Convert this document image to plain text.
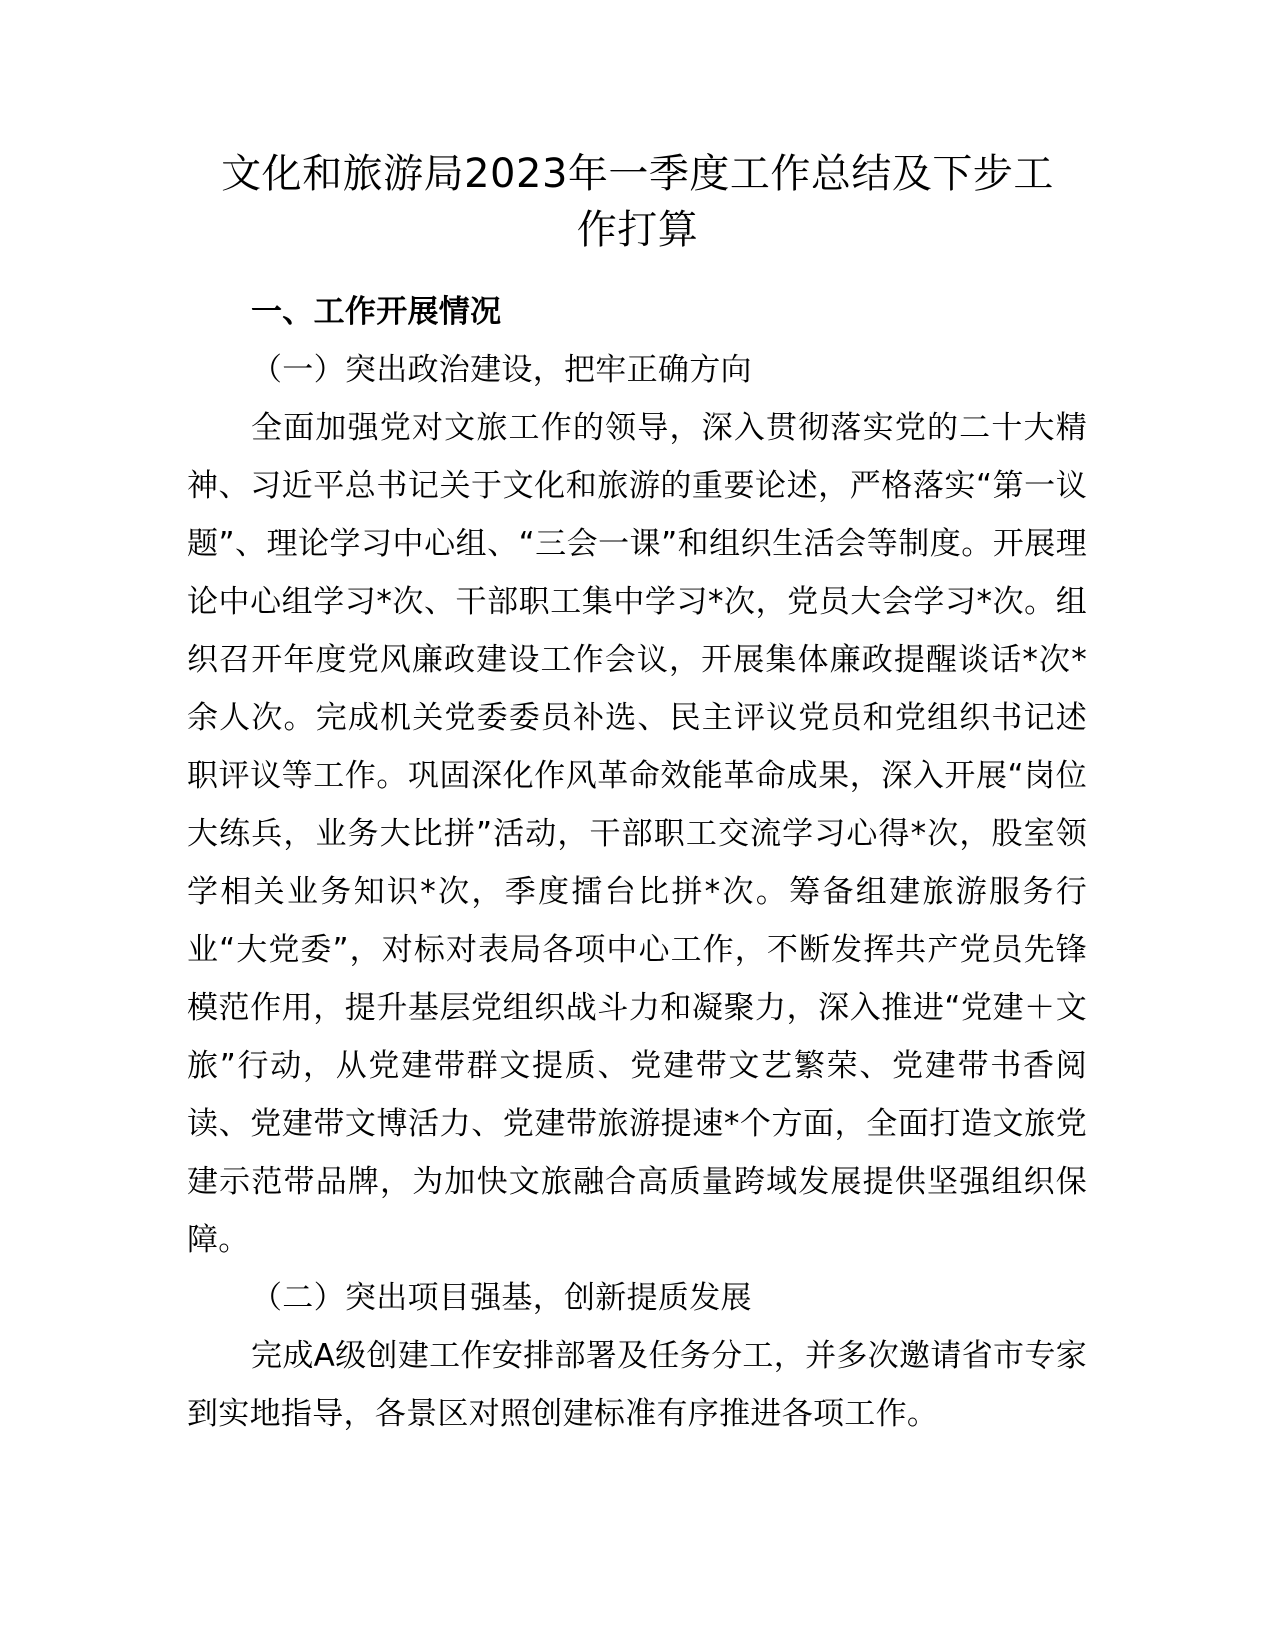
文化和旅游局2023年一季度工作总结及下步工
作打算

一、工作开展情况

（一）突出政治建设，把牢正确方向

全面加强党对文旅工作的领导，深入贯彻落实党的二十大精神、习近平总书记关于文化和旅游的重要论述，严格落实“第一议题”、理论学习中心组、“三会一课”和组织生活会等制度。开展理论中心组学习*次、干部职工集中学习*次，党员大会学习*次。组织召开年度党风廉政建设工作会议，开展集体廉政提醒谈话*次*余人次。完成机关党委委员补选、民主评议党员和党组织书记述职评议等工作。巩固深化作风革命效能革命成果，深入开展“岗位大练兵，业务大比拼”活动，干部职工交流学习心得*次，股室领学相关业务知识*次，季度擂台比拼*次。筹备组建旅游服务行业“大党委”，对标对表局各项中心工作，不断发挥共产党员先锋模范作用，提升基层党组织战斗力和凝聚力，深入推进“党建＋文旅”行动，从党建带群文提质、党建带文艺繁荣、党建带书香阅读、党建带文博活力、党建带旅游提速*个方面，全面打造文旅党建示范带品牌，为加快文旅融合高质量跨域发展提供坚强组织保障。

（二）突出项目强基，创新提质发展

完成A级创建工作安排部署及任务分工，并多次邀请省市专家到实地指导，各景区对照创建标准有序推进各项工作。
